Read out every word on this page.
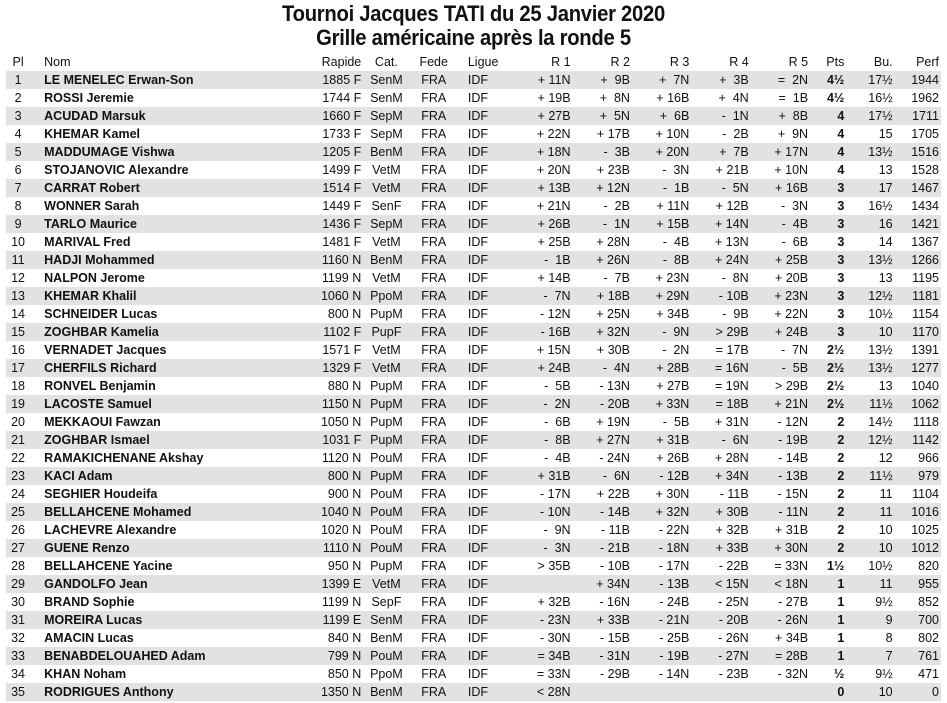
Tournoi Jacques TATI du 25 Janvier 2020
Grille américaine après la ronde 5
Pl	Nom	Rapide	Cat.	Fede	Ligue	R 1	R 2	R 3	R 4	R 5	Pts	Bu.	Perf
1	LE MENELEC Erwan-Son	1885 F	SenM	FRA	IDF	+ 11N	+  9B	+  7N	+  3B	=  2N	4½	17½	1944
2	ROSSI Jeremie	1744 F	SenM	FRA	IDF	+ 19B	+  8N	+ 16B	+  4N	=  1B	4½	16½	1962
3	ACUDAD Marsuk	1660 F	SepM	FRA	IDF	+ 27B	+  5N	+  6B	-  1N	+  8B	4	17½	1711
4	KHEMAR Kamel	1733 F	SepM	FRA	IDF	+ 22N	+ 17B	+ 10N	-  2B	+  9N	4	15	1705
5	MADDUMAGE Vishwa	1205 F	BenM	FRA	IDF	+ 18N	-  3B	+ 20N	+  7B	+ 17N	4	13½	1516
6	STOJANOVIC Alexandre	1499 F	VetM	FRA	IDF	+ 20N	+ 23B	-  3N	+ 21B	+ 10N	4	13	1528
7	CARRAT Robert	1514 F	VetM	FRA	IDF	+ 13B	+ 12N	-  1B	-  5N	+ 16B	3	17	1467
8	WONNER Sarah	1449 F	SenF	FRA	IDF	+ 21N	-  2B	+ 11N	+ 12B	-  3N	3	16½	1434
9	TARLO Maurice	1436 F	SepM	FRA	IDF	+ 26B	-  1N	+ 15B	+ 14N	-  4B	3	16	1421
10	MARIVAL Fred	1481 F	VetM	FRA	IDF	+ 25B	+ 28N	-  4B	+ 13N	-  6B	3	14	1367
11	HADJI Mohammed	1160 N	BenM	FRA	IDF	-  1B	+ 26N	-  8B	+ 24N	+ 25B	3	13½	1266
12	NALPON Jerome	1199 N	VetM	FRA	IDF	+ 14B	-  7B	+ 23N	-  8N	+ 20B	3	13	1195
13	KHEMAR Khalil	1060 N	PpoM	FRA	IDF	-  7N	+ 18B	+ 29N	- 10B	+ 23N	3	12½	1181
14	SCHNEIDER Lucas	800 N	PupM	FRA	IDF	- 12N	+ 25N	+ 34B	-  9B	+ 22N	3	10½	1154
15	ZOGHBAR Kamelia	1102 F	PupF	FRA	IDF	- 16B	+ 32N	-  9N	> 29B	+ 24B	3	10	1170
16	VERNADET Jacques	1571 F	VetM	FRA	IDF	+ 15N	+ 30B	-  2N	= 17B	-  7N	2½	13½	1391
17	CHERFILS Richard	1329 F	VetM	FRA	IDF	+ 24B	-  4N	+ 28B	= 16N	-  5B	2½	13½	1277
18	RONVEL Benjamin	880 N	PupM	FRA	IDF	-  5B	- 13N	+ 27B	= 19N	> 29B	2½	13	1040
19	LACOSTE Samuel	1150 N	PupM	FRA	IDF	-  2N	- 20B	+ 33N	= 18B	+ 21N	2½	11½	1062
20	MEKKAOUI Fawzan	1050 N	PupM	FRA	IDF	-  6B	+ 19N	-  5B	+ 31N	- 12N	2	14½	1118
21	ZOGHBAR Ismael	1031 F	PupM	FRA	IDF	-  8B	+ 27N	+ 31B	-  6N	- 19B	2	12½	1142
22	RAMAKICHENANE Akshay	1120 N	PouM	FRA	IDF	-  4B	- 24N	+ 26B	+ 28N	- 14B	2	12	966
23	KACI Adam	800 N	PupM	FRA	IDF	+ 31B	-  6N	- 12B	+ 34N	- 13B	2	11½	979
24	SEGHIER Houdeifa	900 N	PouM	FRA	IDF	- 17N	+ 22B	+ 30N	- 11B	- 15N	2	11	1104
25	BELLAHCENE Mohamed	1040 N	PouM	FRA	IDF	- 10N	- 14B	+ 32N	+ 30B	- 11N	2	11	1016
26	LACHEVRE Alexandre	1020 N	PouM	FRA	IDF	-  9N	- 11B	- 22N	+ 32B	+ 31B	2	10	1025
27	GUENE Renzo	1110 N	PouM	FRA	IDF	-  3N	- 21B	- 18N	+ 33B	+ 30N	2	10	1012
28	BELLAHCENE Yacine	950 N	PupM	FRA	IDF	> 35B	- 10B	- 17N	- 22B	= 33N	1½	10½	820
29	GANDOLFO Jean	1399 E	VetM	FRA	IDF		+ 34N	- 13B	< 15N	< 18N	1	11	955
30	BRAND Sophie	1199 N	SepF	FRA	IDF	+ 32B	- 16N	- 24B	- 25N	- 27B	1	9½	852
31	MOREIRA Lucas	1199 E	SenM	FRA	IDF	- 23N	+ 33B	- 21N	- 20B	- 26N	1	9	700
32	AMACIN Lucas	840 N	BenM	FRA	IDF	- 30N	- 15B	- 25B	- 26N	+ 34B	1	8	802
33	BENABDELOUAHED Adam	799 N	PouM	FRA	IDF	= 34B	- 31N	- 19B	- 27N	= 28B	1	7	761
34	KHAN Noham	850 N	PpoM	FRA	IDF	= 33N	- 29B	- 14N	- 23B	- 32N	½	9½	471
35	RODRIGUES Anthony	1350 N	BenM	FRA	IDF	< 28N					0	10	0
